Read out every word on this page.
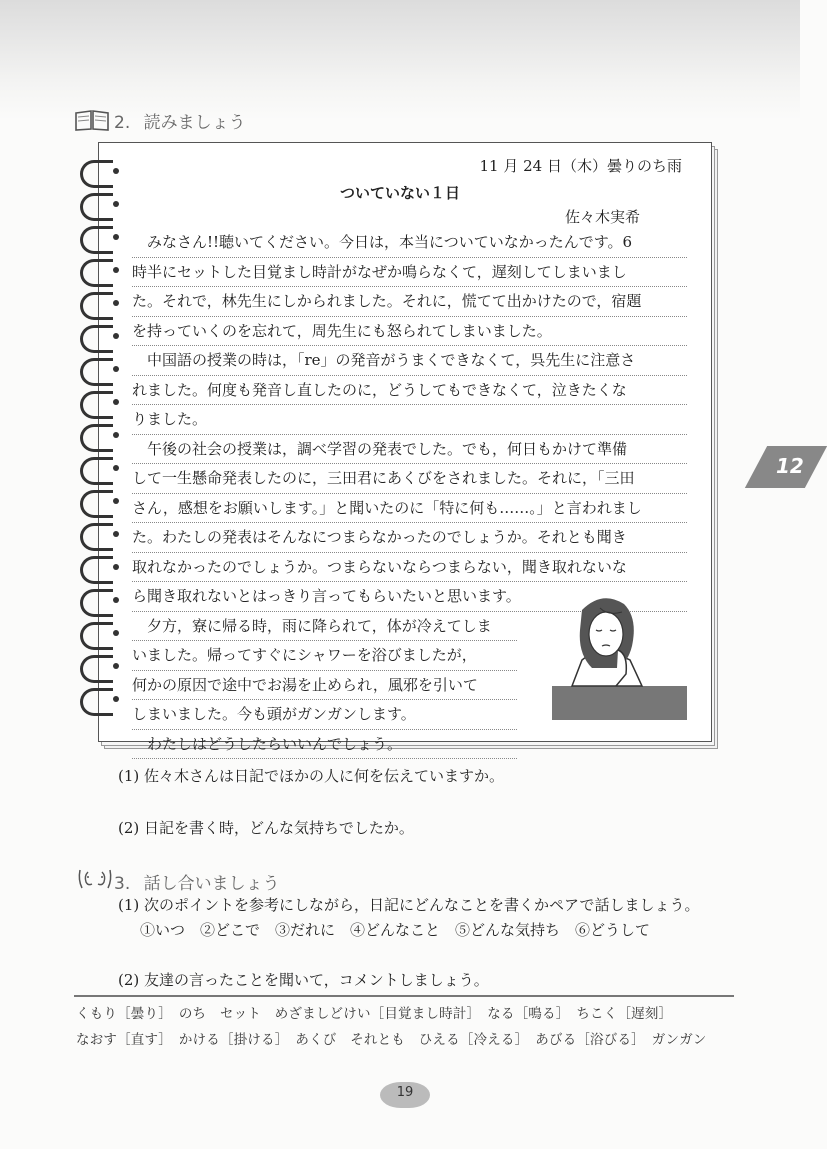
2. 読みましょう
11 月 24 日（木）曇りのち雨
ついていない１日
佐々木実希
　みなさん!!聴いてください。今日は，本当についていなかったんです。6
時半にセットした目覚まし時計がなぜか鳴らなくて，遅刻してしまいまし
た。それで，林先生にしかられました。それに，慌てて出かけたので，宿題
を持っていくのを忘れて，周先生にも怒られてしまいました。
　中国語の授業の時は，「re」の発音がうまくできなくて，呉先生に注意さ
れました。何度も発音し直したのに，どうしてもできなくて，泣きたくな
りました。
　午後の社会の授業は，調べ学習の発表でした。でも，何日もかけて準備
して一生懸命発表したのに，三田君にあくびをされました。それに，「三田
さん，感想をお願いします。」と聞いたのに「特に何も……。」と言われまし
た。わたしの発表はそんなにつまらなかったのでしょうか。それとも聞き
取れなかったのでしょうか。つまらないならつまらない，聞き取れないな
ら聞き取れないとはっきり言ってもらいたいと思います。
　夕方，寮に帰る時，雨に降られて，体が冷えてしま
いました。帰ってすぐにシャワーを浴びましたが，
何かの原因で途中でお湯を止められ，風邪を引いて
しまいました。今も頭がガンガンします。
　わたしはどうしたらいいんでしょう。
(1) 佐々木さんは日記でほかの人に何を伝えていますか。
(2) 日記を書く時，どんな気持ちでしたか。
3. 話し合いましょう
(1) 次のポイントを参考にしながら，日記にどんなことを書くかペアで話しましょう。
①いつ　②どこで　③だれに　④どんなこと　⑤どんな気持ち　⑥どうして
(2) 友達の言ったことを聞いて，コメントしましょう。
くもり［曇り］　のち　セット　めざましどけい［目覚まし時計］　なる［鳴る］　ちこく［遅刻］
なおす［直す］　かける［掛ける］　あくび　それとも　ひえる［冷える］　あびる［浴びる］　ガンガン
12
19
